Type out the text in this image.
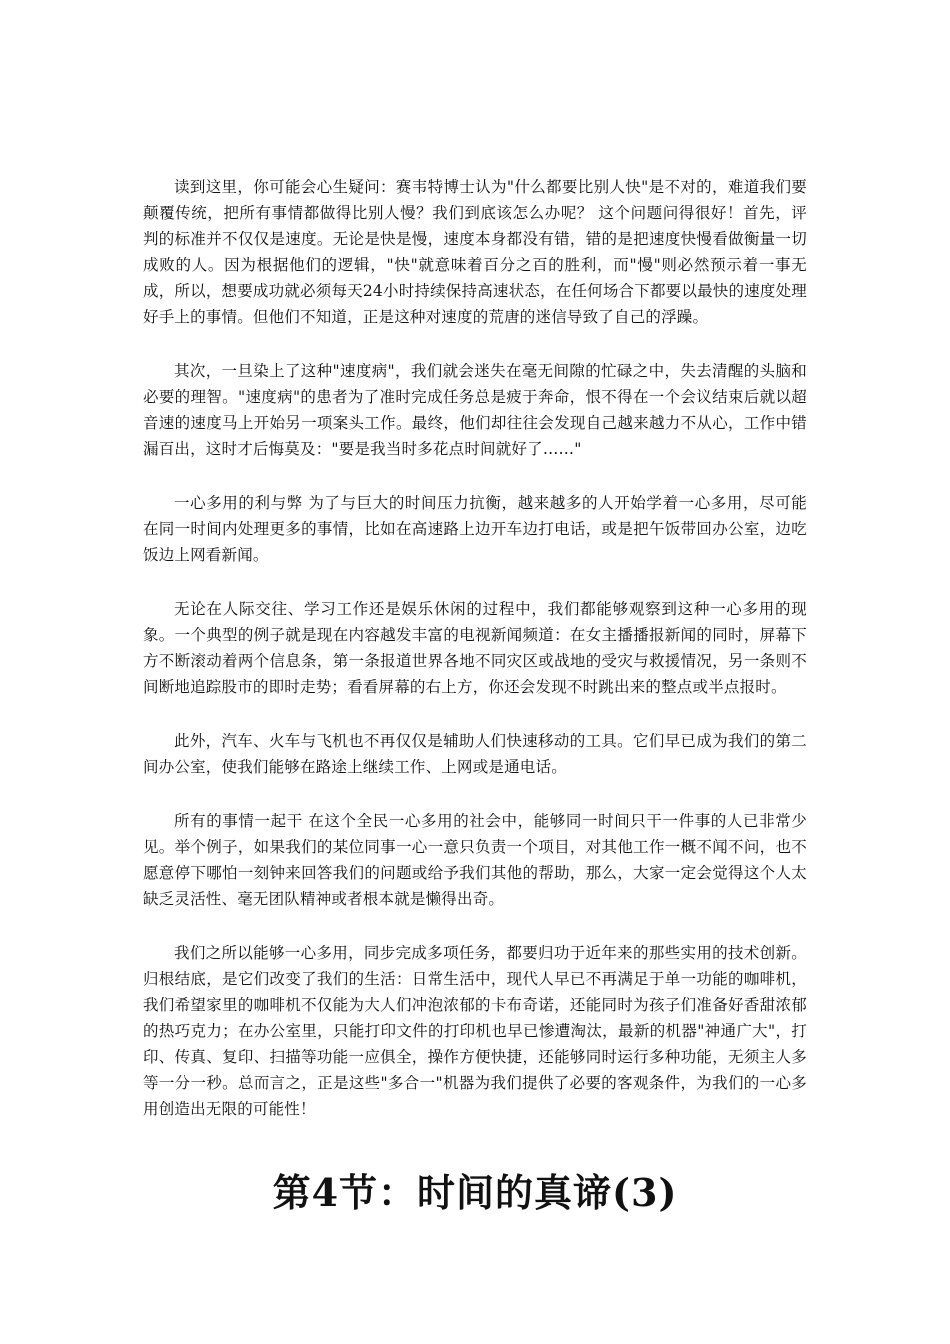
读到这里，你可能会心生疑问：赛韦特博士认为"什么都要比别人快"是不对的，难道我们要颠覆传统，把所有事情都做得比别人慢？我们到底该怎么办呢？ 这个问题问得很好！首先，评判的标准并不仅仅是速度。无论是快是慢，速度本身都没有错，错的是把速度快慢看做衡量一切成败的人。因为根据他们的逻辑，"快"就意味着百分之百的胜利，而"慢"则必然预示着一事无成，所以，想要成功就必须每天24小时持续保持高速状态，在任何场合下都要以最快的速度处理好手上的事情。但他们不知道，正是这种对速度的荒唐的迷信导致了自己的浮躁。

其次，一旦染上了这种"速度病"，我们就会迷失在毫无间隙的忙碌之中，失去清醒的头脑和必要的理智。"速度病"的患者为了准时完成任务总是疲于奔命，恨不得在一个会议结束后就以超音速的速度马上开始另一项案头工作。最终，他们却往往会发现自己越来越力不从心，工作中错漏百出，这时才后悔莫及："要是我当时多花点时间就好了……"

一心多用的利与弊 为了与巨大的时间压力抗衡，越来越多的人开始学着一心多用，尽可能在同一时间内处理更多的事情，比如在高速路上边开车边打电话，或是把午饭带回办公室，边吃饭边上网看新闻。

无论在人际交往、学习工作还是娱乐休闲的过程中，我们都能够观察到这种一心多用的现象。一个典型的例子就是现在内容越发丰富的电视新闻频道：在女主播播报新闻的同时，屏幕下方不断滚动着两个信息条，第一条报道世界各地不同灾区或战地的受灾与救援情况，另一条则不间断地追踪股市的即时走势；看看屏幕的右上方，你还会发现不时跳出来的整点或半点报时。

此外，汽车、火车与飞机也不再仅仅是辅助人们快速移动的工具。它们早已成为我们的第二间办公室，使我们能够在路途上继续工作、上网或是通电话。

所有的事情一起干 在这个全民一心多用的社会中，能够同一时间只干一件事的人已非常少见。举个例子，如果我们的某位同事一心一意只负责一个项目，对其他工作一概不闻不问，也不愿意停下哪怕一刻钟来回答我们的问题或给予我们其他的帮助，那么，大家一定会觉得这个人太缺乏灵活性、毫无团队精神或者根本就是懒得出奇。

我们之所以能够一心多用，同步完成多项任务，都要归功于近年来的那些实用的技术创新。归根结底，是它们改变了我们的生活：日常生活中，现代人早已不再满足于单一功能的咖啡机，我们希望家里的咖啡机不仅能为大人们冲泡浓郁的卡布奇诺，还能同时为孩子们准备好香甜浓郁的热巧克力；在办公室里，只能打印文件的打印机也早已惨遭淘汰，最新的机器"神通广大"，打印、传真、复印、扫描等功能一应俱全，操作方便快捷，还能够同时运行多种功能，无须主人多等一分一秒。总而言之，正是这些"多合一"机器为我们提供了必要的客观条件，为我们的一心多用创造出无限的可能性！

第4节：时间的真谛(3)
